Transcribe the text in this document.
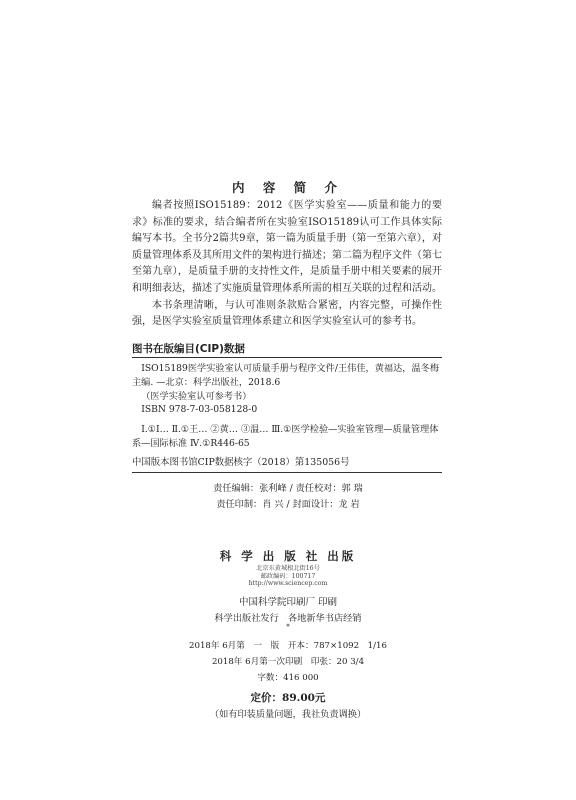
内 容 简 介

编者按照ISO15189：2012《医学实验室——质量和能力的要求》标准的要求，结合编者所在实验室ISO15189认可工作具体实际编写本书。全书分2篇共9章，第一篇为质量手册（第一至第六章），对质量管理体系及其所用文件的架构进行描述；第二篇为程序文件（第七至第九章），是质量手册的支持性文件，是质量手册中相关要素的展开和明细表达，描述了实施质量管理体系所需的相互关联的过程和活动。

本书条理清晰，与认可准则条款贴合紧密，内容完整，可操作性强，是医学实验室质量管理体系建立和医学实验室认可的参考书。

图书在版编目(CIP)数据
ISO15189医学实验室认可质量手册与程序文件/王伟佳，黄福达，温冬梅主编. —北京：科学出版社，2018.6
（医学实验室认可参考书）
ISBN 978-7-03-058128-0
Ⅰ.①I… Ⅱ.①王… ②黄… ③温… Ⅲ.①医学检验—实验室管理—质量管理体系—国际标准 Ⅳ.①R446-65
中国版本图书馆CIP数据核字（2018）第135056号
责任编辑：张利峰 / 责任校对：郭 瑞
责任印制：肖 兴 / 封面设计：龙 岩
科 学 出 版 社 出版
北京东黄城根北街16号
邮政编码：100717
http://www.sciencep.com
中国科学院印刷厂 印刷
科学出版社发行　各地新华书店经销
*
2018年 6月第　一　版　开本：787×1092　1/16
2018年 6月第一次印刷　印张：20 3/4
字数：416 000
定价：89.00元
（如有印装质量问题，我社负责调换）
